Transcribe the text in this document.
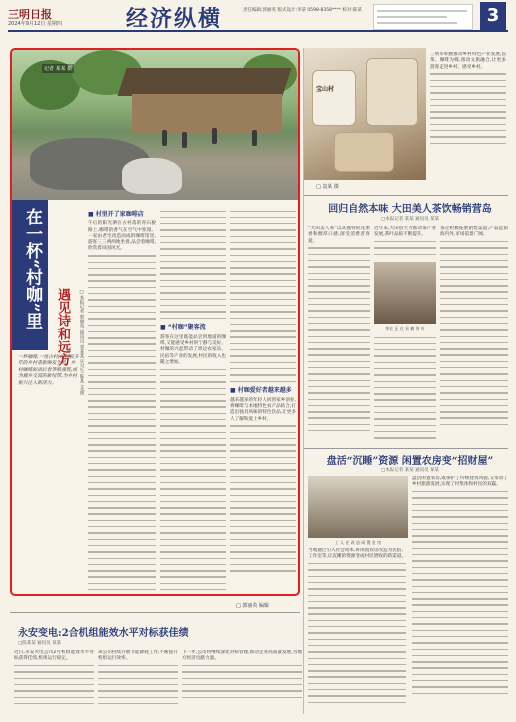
三明日报
2024年9月12日 星期四	经济纵横	责任编辑:郭丽英 版式设计:李某 0598-8358**** 校对:陈某	3
记者 某某 摄
在一杯“村咖”里	遇见诗和远方	□本报记者 郭丽英 通讯员 邓某某 实习生 陈某 文/图
一杯咖啡,一座古村,让沉寂多年的乡村重新焕发生机。乡村咖啡如雨后春笋般涌现,成为城乡交流的新纽带,为乡村振兴注入新活力。
■ 村里开了家咖啡店
午后的阳光洒在古村落的青石板路上,咖啡的香气在空气中弥漫。一家由老宅改造而成的咖啡馆里,游客三三两两地坐着,品尝着咖啡,欣赏着田园风光。
■ “村咖”聚客流
游客在这里既能品尝到地道的咖啡,又能感受乡村的宁静与美好。村咖的兴起带动了周边农家乐、民宿等产业的发展,村民的收入也随之增加。
■ 村咖爱好者越来越多
越来越多的年轻人回到家乡创业,将咖啡与本地特色农产品结合,打造出独具风味的特色饮品,让更多人了解和爱上乡村。
宝山村
□ 袁某 摄
三明市积极推动乡村特色产业发展,以茶、咖啡为媒,推动文旅融合,让更多游客走进乡村、感受乡村。
回归自然本味 大田美人茶饮畅销营岛
□本报记者 某某 通讯员 某某
“大田美人茶”以其独特的花果香和醇厚口感,深受消费者喜爱。
近年来,大田县大力推动茶产业发展,茶叶品质不断提升。
茶农 正 在 采 摘 茶 叶
茶企积极拓展销售渠道,产品远销海内外,市场前景广阔。
盘活“沉睡”资源 闲置农房变“招财屋”
□本报记者 某某 通讯员 某某
工 人 在 改 造 闲 置 农 房
当地通过引入社会资本,将闲置农房改造为民宿、工作室等,让沉睡的资源变成村民增收的新渠道。
盘活闲置农房,既保护了传统建筑风貌,又带动了乡村旅游发展,实现了村集体和村民的双赢。
□ 郭丽英 编辑
永安变电:2合机组能效水平对标获佳绩
□陈某某 通讯员 某某
近日,永安火电公司2号机组能效水平对标获得佳绩,机组运行稳定。
该公司持续开展节能降耗工作,不断提升机组运行效率。
下一步,公司将继续深化对标管理,推动企业高质量发展,为地方经济贡献力量。
